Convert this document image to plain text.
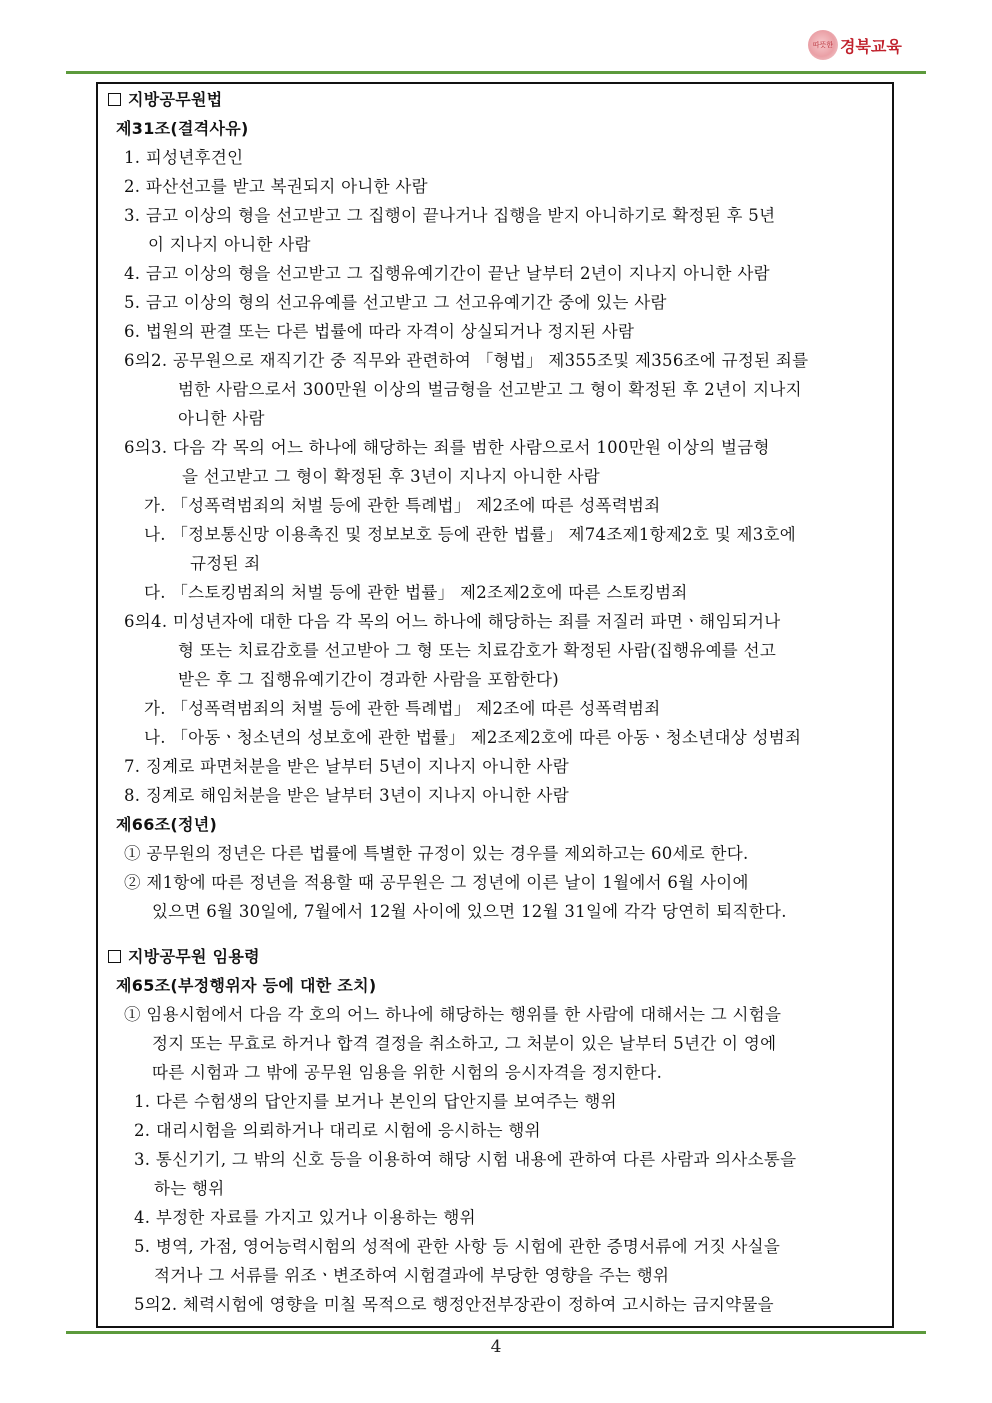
따뜻한 경북교육
지방공무원법
제31조(결격사유)
1. 피성년후견인
2. 파산선고를 받고 복권되지 아니한 사람
3. 금고 이상의 형을 선고받고 그 집행이 끝나거나 집행을 받지 아니하기로 확정된 후 5년
이 지나지 아니한 사람
4. 금고 이상의 형을 선고받고 그 집행유예기간이 끝난 날부터 2년이 지나지 아니한 사람
5. 금고 이상의 형의 선고유예를 선고받고 그 선고유예기간 중에 있는 사람
6. 법원의 판결 또는 다른 법률에 따라 자격이 상실되거나 정지된 사람
6의2. 공무원으로 재직기간 중 직무와 관련하여 「형법」 제355조및 제356조에 규정된 죄를
범한 사람으로서 300만원 이상의 벌금형을 선고받고 그 형이 확정된 후 2년이 지나지
아니한 사람
6의3. 다음 각 목의 어느 하나에 해당하는 죄를 범한 사람으로서 100만원 이상의 벌금형
을 선고받고 그 형이 확정된 후 3년이 지나지 아니한 사람
가. 「성폭력범죄의 처벌 등에 관한 특례법」 제2조에 따른 성폭력범죄
나. 「정보통신망 이용촉진 및 정보보호 등에 관한 법률」 제74조제1항제2호 및 제3호에
규정된 죄
다. 「스토킹범죄의 처벌 등에 관한 법률」 제2조제2호에 따른 스토킹범죄
6의4. 미성년자에 대한 다음 각 목의 어느 하나에 해당하는 죄를 저질러 파면ㆍ해임되거나
형 또는 치료감호를 선고받아 그 형 또는 치료감호가 확정된 사람(집행유예를 선고
받은 후 그 집행유예기간이 경과한 사람을 포함한다)
가. 「성폭력범죄의 처벌 등에 관한 특례법」 제2조에 따른 성폭력범죄
나. 「아동ㆍ청소년의 성보호에 관한 법률」 제2조제2호에 따른 아동ㆍ청소년대상 성범죄
7. 징계로 파면처분을 받은 날부터 5년이 지나지 아니한 사람
8. 징계로 해임처분을 받은 날부터 3년이 지나지 아니한 사람
제66조(정년)
① 공무원의 정년은 다른 법률에 특별한 규정이 있는 경우를 제외하고는 60세로 한다.
② 제1항에 따른 정년을 적용할 때 공무원은 그 정년에 이른 날이 1월에서 6월 사이에
있으면 6월 30일에, 7월에서 12월 사이에 있으면 12월 31일에 각각 당연히 퇴직한다.
지방공무원 임용령
제65조(부정행위자 등에 대한 조치)
① 임용시험에서 다음 각 호의 어느 하나에 해당하는 행위를 한 사람에 대해서는 그 시험을
정지 또는 무효로 하거나 합격 결정을 취소하고, 그 처분이 있은 날부터 5년간 이 영에
따른 시험과 그 밖에 공무원 임용을 위한 시험의 응시자격을 정지한다.
1. 다른 수험생의 답안지를 보거나 본인의 답안지를 보여주는 행위
2. 대리시험을 의뢰하거나 대리로 시험에 응시하는 행위
3. 통신기기, 그 밖의 신호 등을 이용하여 해당 시험 내용에 관하여 다른 사람과 의사소통을
하는 행위
4. 부정한 자료를 가지고 있거나 이용하는 행위
5. 병역, 가점, 영어능력시험의 성적에 관한 사항 등 시험에 관한 증명서류에 거짓 사실을
적거나 그 서류를 위조ㆍ변조하여 시험결과에 부당한 영향을 주는 행위
5의2. 체력시험에 영향을 미칠 목적으로 행정안전부장관이 정하여 고시하는 금지약물을
4
